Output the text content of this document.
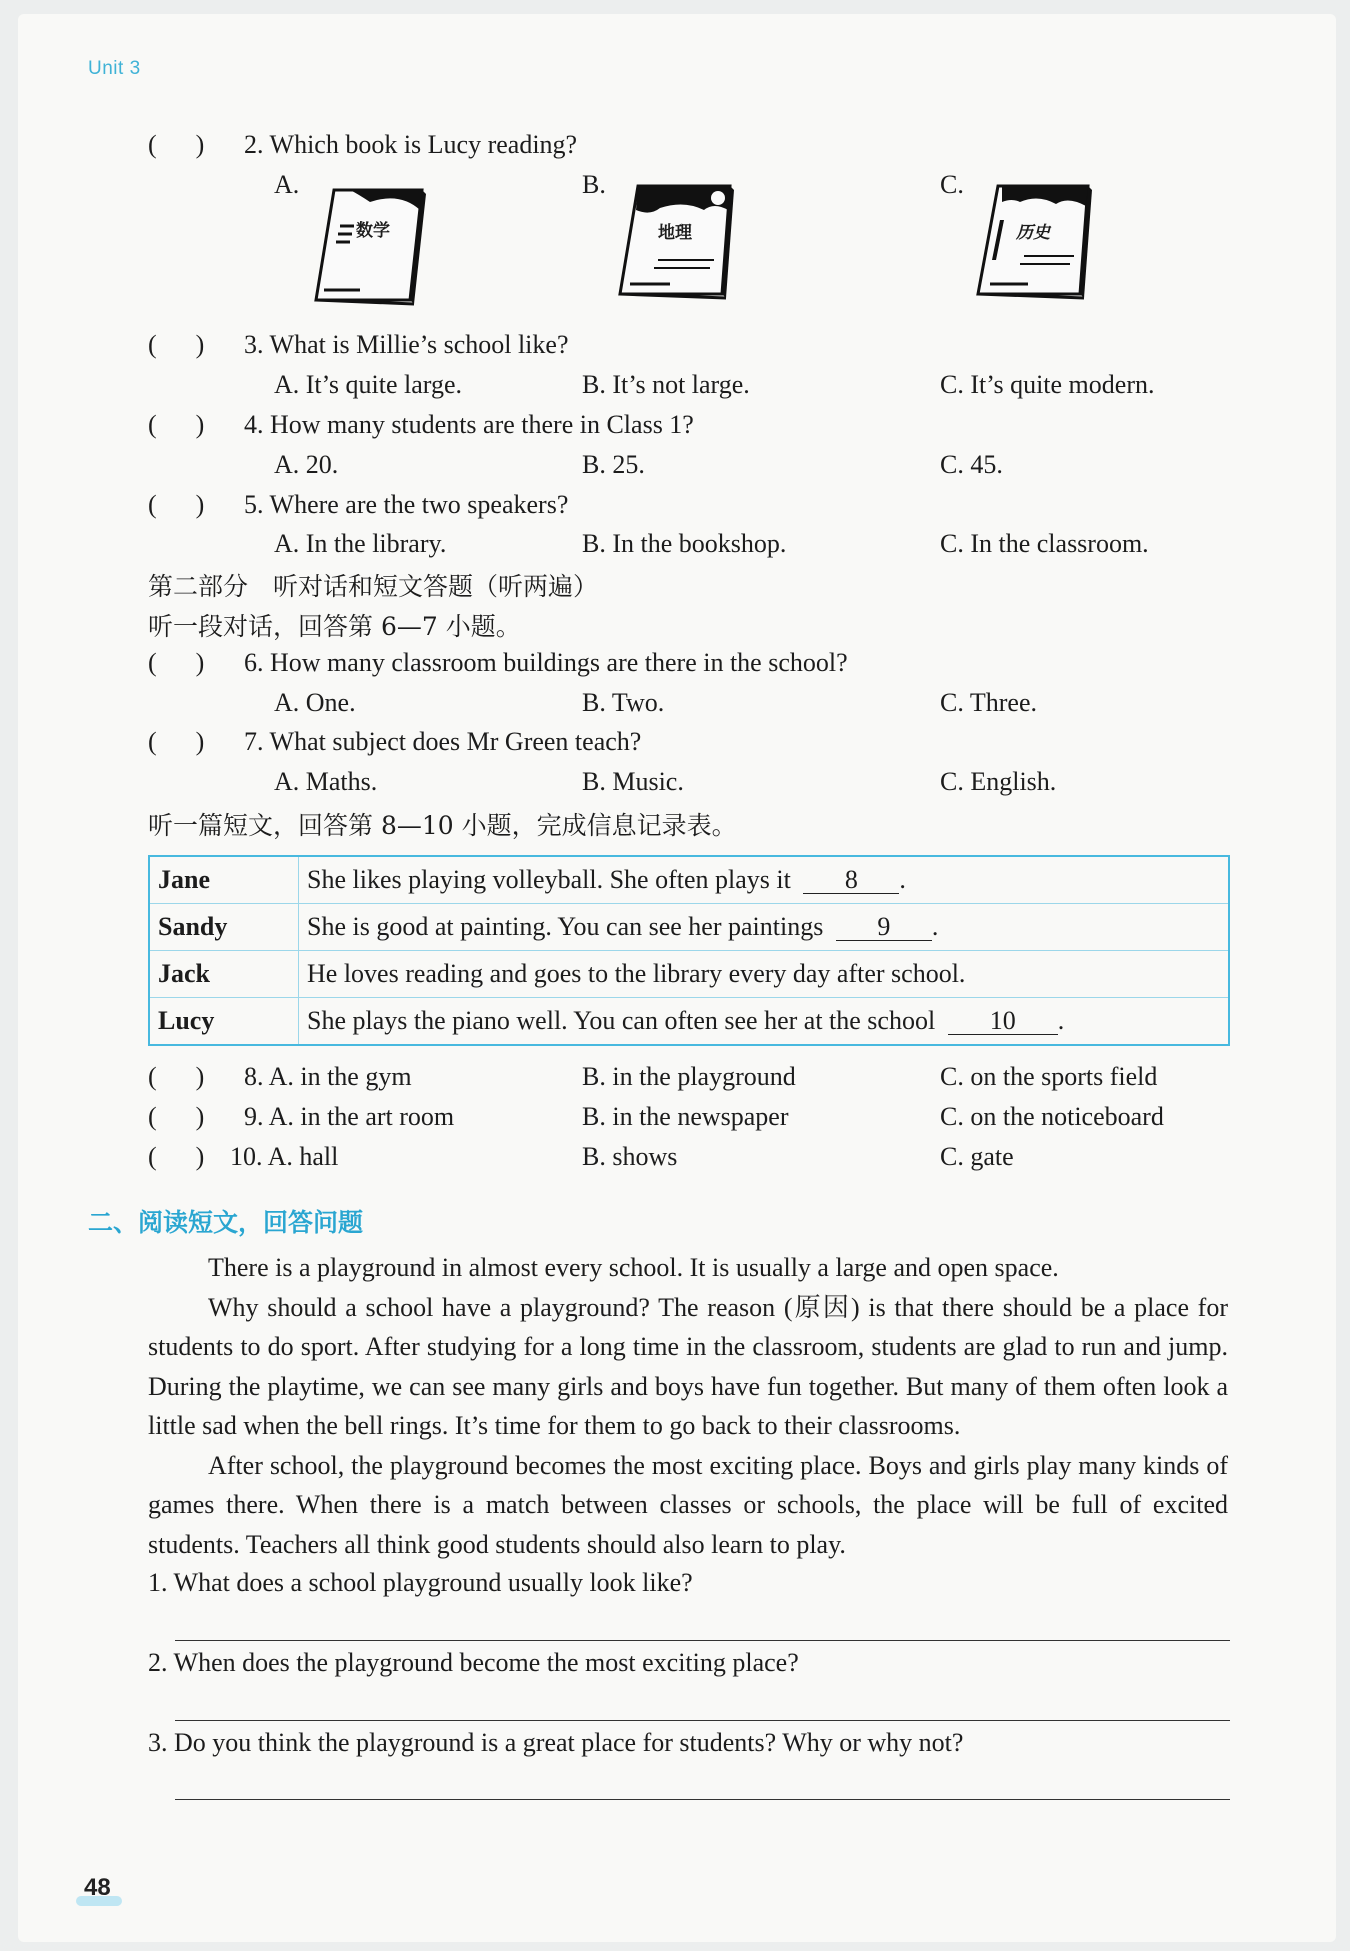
Unit 3
(      ) 2. Which book is Lucy reading?
A.	B.	C.
数学	地理	历史
(      ) 3. What is Millie’s school like?
A. It’s quite large.	B. It’s not large.	C. It’s quite modern.
(      ) 4. How many students are there in Class 1?
A. 20.	B. 25.	C. 45.
(      ) 5. Where are the two speakers?
A. In the library.	B. In the bookshop.	C. In the classroom.
第二部分　听对话和短文答题（听两遍）
听一段对话，回答第 6—7 小题。
(      ) 6. How many classroom buildings are there in the school?
A. One.	B. Two.	C. Three.
(      ) 7. What subject does Mr Green teach?
A. Maths.	B. Music.	C. English.
听一篇短文，回答第 8—10 小题，完成信息记录表。
Jane	She likes playing volleyball. She often plays it 8 .
Sandy	She is good at painting. You can see her paintings 9 .
Jack	He loves reading and goes to the library every day after school.
Lucy	She plays the piano well. You can often see her at the school 10 .
(      ) 8. A. in the gym	B. in the playground	C. on the sports field
(      ) 9. A. in the art room	B. in the newspaper	C. on the noticeboard
(      ) 10. A. hall	B. shows	C. gate
二、阅读短文，回答问题

There is a playground in almost every school. It is usually a large and open space.

Why should a school have a playground? The reason (原因) is that there should be a place for students to do sport. After studying for a long time in the classroom, students are glad to run and jump. During the playtime, we can see many girls and boys have fun together. But many of them often look a little sad when the bell rings. It’s time for them to go back to their classrooms.

After school, the playground becomes the most exciting place. Boys and girls play many kinds of games there. When there is a match between classes or schools, the place will be full of excited students. Teachers all think good students should also learn to play.

1. What does a school playground usually look like?
2. When does the playground become the most exciting place?
3. Do you think the playground is a great place for students? Why or why not?
48
